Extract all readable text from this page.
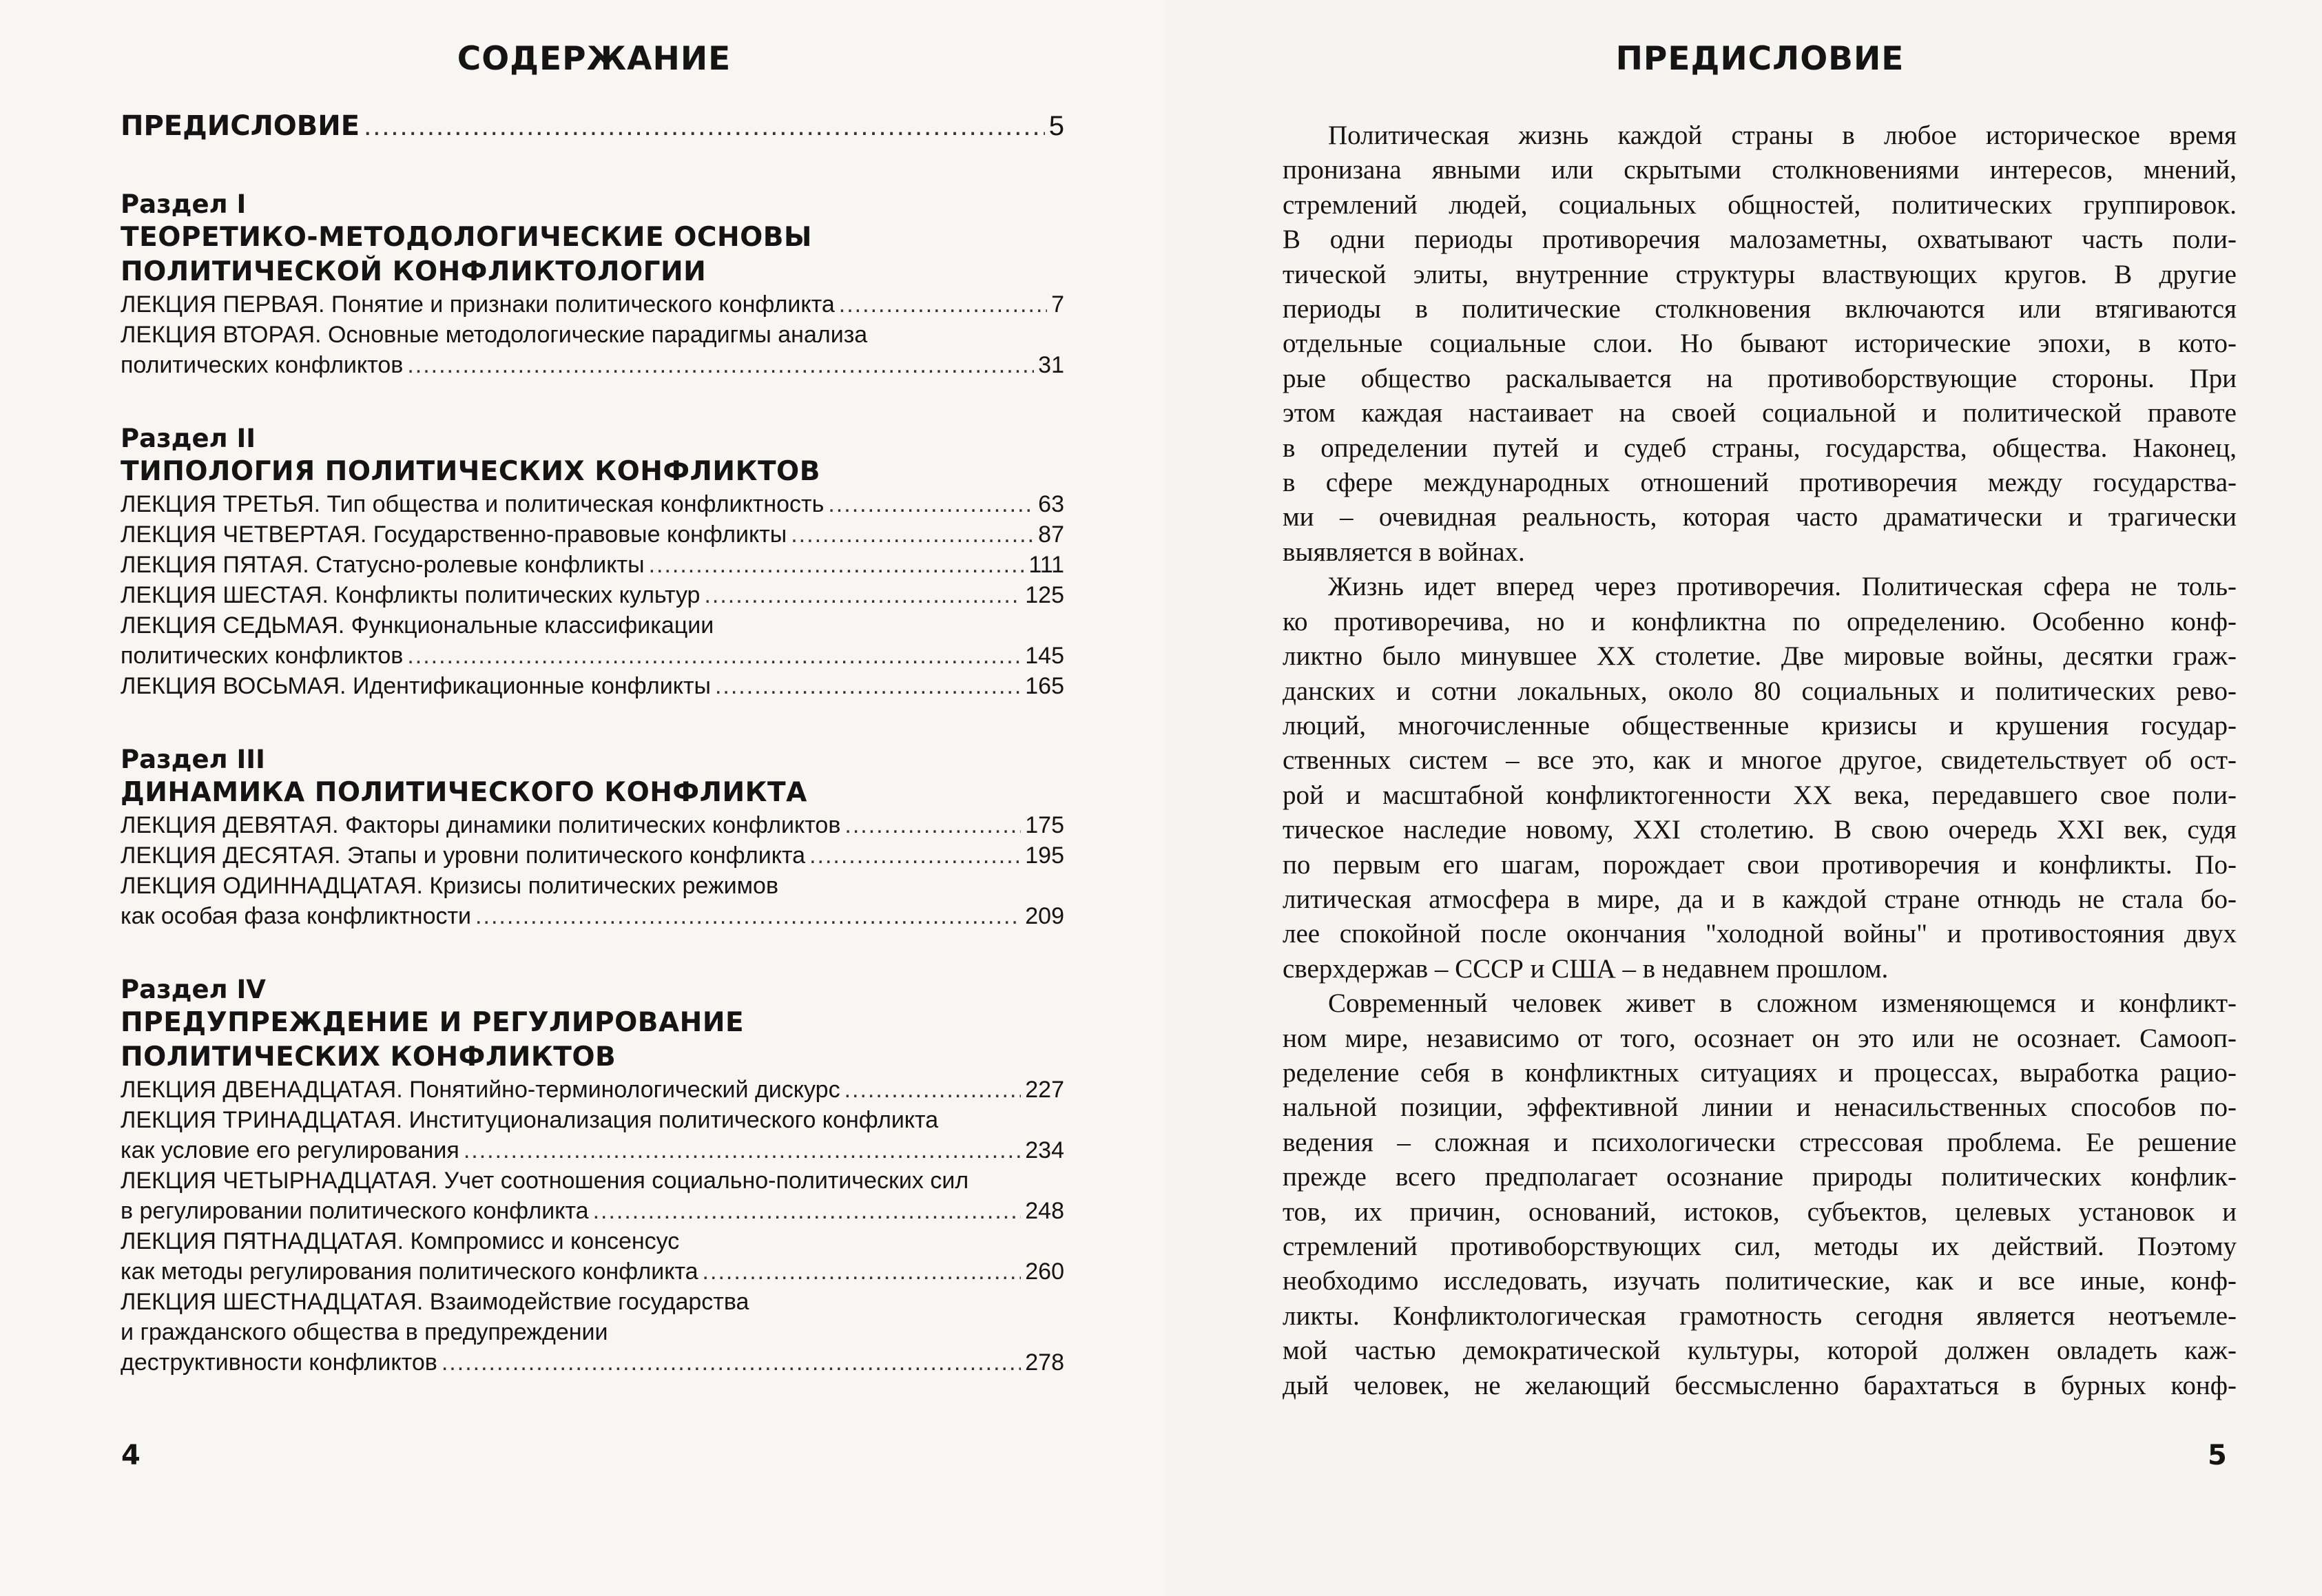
СОДЕРЖАНИЕ
ПРЕДИСЛОВИЕ .....	5
Раздел I
ТЕОРЕТИКО-МЕТОДОЛОГИЧЕСКИЕ ОСНОВЫ
ПОЛИТИЧЕСКОЙ КОНФЛИКТОЛОГИИ
ЛЕКЦИЯ ПЕРВАЯ. Понятие и признаки политического конфликта .....	7
ЛЕКЦИЯ ВТОРАЯ. Основные методологические парадигмы анализа
политических конфликтов .....	31
Раздел II
ТИПОЛОГИЯ ПОЛИТИЧЕСКИХ КОНФЛИКТОВ
ЛЕКЦИЯ ТРЕТЬЯ. Тип общества и политическая конфликтность .....	63
ЛЕКЦИЯ ЧЕТВЕРТАЯ. Государственно-правовые конфликты .....	87
ЛЕКЦИЯ ПЯТАЯ. Статусно-ролевые конфликты .....	111
ЛЕКЦИЯ ШЕСТАЯ. Конфликты политических культур .....	125
ЛЕКЦИЯ СЕДЬМАЯ. Функциональные классификации
политических конфликтов .....	145
ЛЕКЦИЯ ВОСЬМАЯ. Идентификационные конфликты .....	165
Раздел III
ДИНАМИКА ПОЛИТИЧЕСКОГО КОНФЛИКТА
ЛЕКЦИЯ ДЕВЯТАЯ. Факторы динамики политических конфликтов .....	175
ЛЕКЦИЯ ДЕСЯТАЯ. Этапы и уровни политического конфликта .....	195
ЛЕКЦИЯ ОДИННАДЦАТАЯ. Кризисы политических режимов
как особая фаза конфликтности .....	209
Раздел IV
ПРЕДУПРЕЖДЕНИЕ И РЕГУЛИРОВАНИЕ
ПОЛИТИЧЕСКИХ КОНФЛИКТОВ
ЛЕКЦИЯ ДВЕНАДЦАТАЯ. Понятийно-терминологический дискурс .....	227
ЛЕКЦИЯ ТРИНАДЦАТАЯ. Институционализация политического конфликта
как условие его регулирования .....	234
ЛЕКЦИЯ ЧЕТЫРНАДЦАТАЯ. Учет соотношения социально-политических сил
в регулировании политического конфликта .....	248
ЛЕКЦИЯ ПЯТНАДЦАТАЯ. Компромисс и консенсус
как методы регулирования политического конфликта .....	260
ЛЕКЦИЯ ШЕСТНАДЦАТАЯ. Взаимодействие государства
и гражданского общества в предупреждении
деструктивности конфликтов .....	278
4
ПРЕДИСЛОВИЕ
Политическая жизнь каждой страны в любое историческое время
пронизана явными или скрытыми столкновениями интересов, мнений,
стремлений людей, социальных общностей, политических группировок.
В одни периоды противоречия малозаметны, охватывают часть поли-
тической элиты, внутренние структуры властвующих кругов. В другие
периоды в политические столкновения включаются или втягиваются
отдельные социальные слои. Но бывают исторические эпохи, в кото-
рые общество раскалывается на противоборствующие стороны. При
этом каждая настаивает на своей социальной и политической правоте
в определении путей и судеб страны, государства, общества. Наконец,
в сфере международных отношений противоречия между государства-
ми – очевидная реальность, которая часто драматически и трагически
выявляется в войнах.
Жизнь идет вперед через противоречия. Политическая сфера не толь-
ко противоречива, но и конфликтна по определению. Особенно конф-
ликтно было минувшее XX столетие. Две мировые войны, десятки граж-
данских и сотни локальных, около 80 социальных и политических рево-
люций, многочисленные общественные кризисы и крушения государ-
ственных систем – все это, как и многое другое, свидетельствует об ост-
рой и масштабной конфликтогенности XX века, передавшего свое поли-
тическое наследие новому, XXI столетию. В свою очередь XXI век, судя
по первым его шагам, порождает свои противоречия и конфликты. По-
литическая атмосфера в мире, да и в каждой стране отнюдь не стала бо-
лее спокойной после окончания "холодной войны" и противостояния двух
сверхдержав – СССР и США – в недавнем прошлом.
Современный человек живет в сложном изменяющемся и конфликт-
ном мире, независимо от того, осознает он это или не осознает. Самооп-
ределение себя в конфликтных ситуациях и процессах, выработка рацио-
нальной позиции, эффективной линии и ненасильственных способов по-
ведения – сложная и психологически стрессовая проблема. Ее решение
прежде всего предполагает осознание природы политических конфлик-
тов, их причин, оснований, истоков, субъектов, целевых установок и
стремлений противоборствующих сил, методы их действий. Поэтому
необходимо исследовать, изучать политические, как и все иные, конф-
ликты. Конфликтологическая грамотность сегодня является неотъемле-
мой частью демократической культуры, которой должен овладеть каж-
дый человек, не желающий бессмысленно барахтаться в бурных конф-
5
